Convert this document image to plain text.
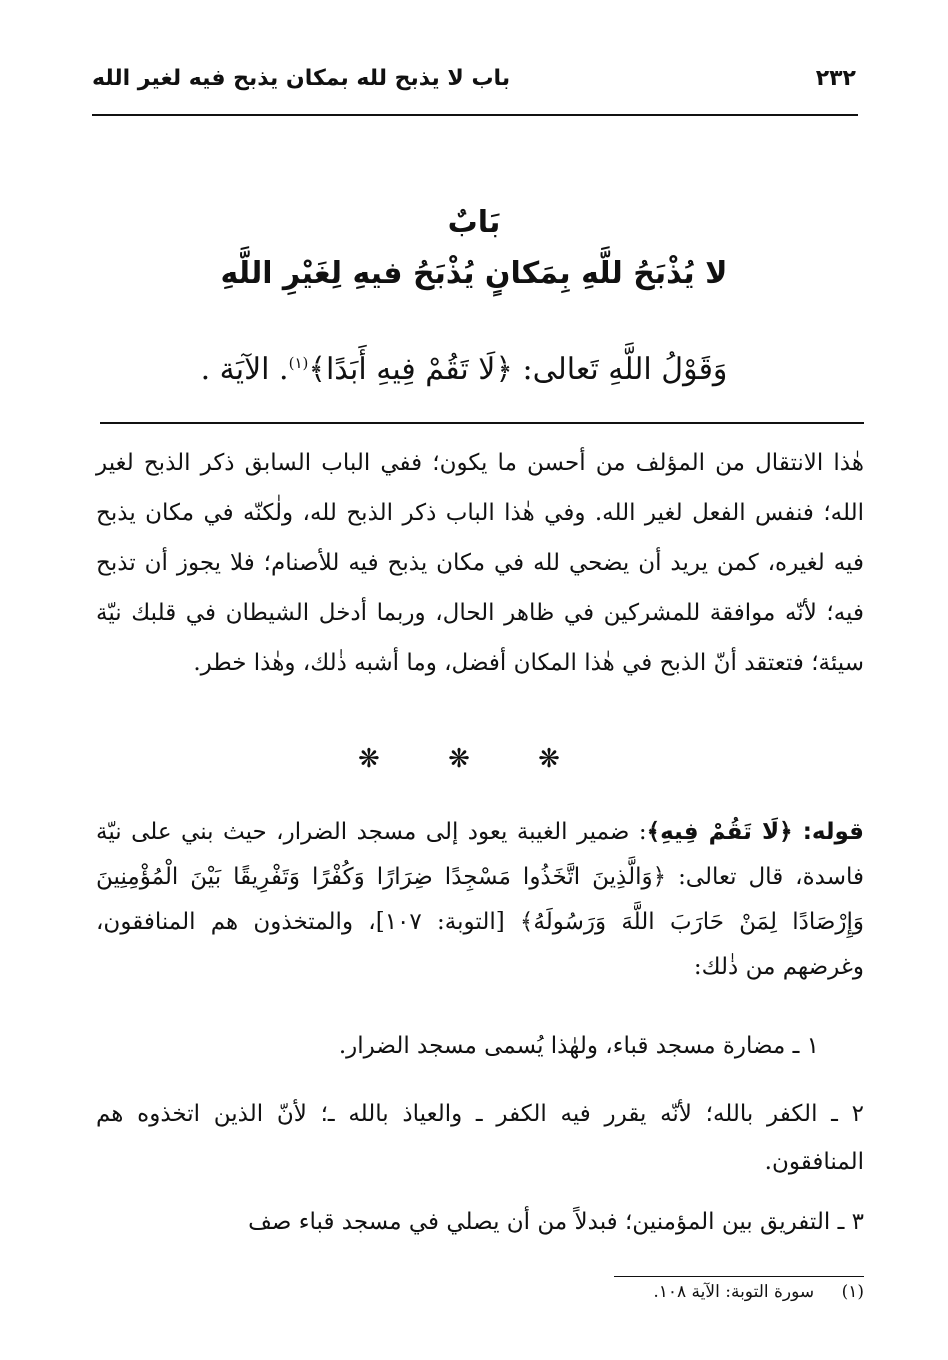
٢٣٢
باب لا يذبح لله بمكان يذبح فيه لغير الله
بَابٌ
لا يُذْبَحُ للَّهِ بِمَكانٍ يُذْبَحُ فيهِ لِغَيْرِ اللَّهِ
وَقَوْلُ اللَّهِ تَعالى: ﴿لَا تَقُمْ فِيهِ أَبَدًا﴾$^{(١)}$. الآيَة .

هٰذا الانتقال من المؤلف من أحسن ما يكون؛ ففي الباب السابق ذكر الذبح لغير الله؛ فنفس الفعل لغير الله. وفي هٰذا الباب ذكر الذبح لله، ولٰكنّه في مكان يذبح فيه لغيره، كمن يريد أن يضحي لله في مكان يذبح فيه للأصنام؛ فلا يجوز أن تذبح فيه؛ لأنّه موافقة للمشركين في ظاهر الحال، وربما أدخل الشيطان في قلبك نيّة سيئة؛ فتعتقد أنّ الذبح في هٰذا المكان أفضل، وما أشبه ذٰلك، وهٰذا خطر.

❋ ❋ ❋

قوله: ﴿لَا تَقُمْ فِيهِ﴾: ضمير الغيبة يعود إلى مسجد الضرار، حيث بني على نيّة فاسدة، قال تعالى: ﴿وَالَّذِينَ اتَّخَذُوا مَسْجِدًا ضِرَارًا وَكُفْرًا وَتَفْرِيقًا بَيْنَ الْمُؤْمِنِينَ وَإِرْصَادًا لِمَنْ حَارَبَ اللَّهَ وَرَسُولَهُ﴾ [التوبة: ١٠٧]، والمتخذون هم المنافقون، وغرضهم من ذٰلك:

١ ـ مضارة مسجد قباء، ولهٰذا يُسمى مسجد الضرار.
٢ ـ الكفر بالله؛ لأنّه يقرر فيه الكفر ـ والعياذ بالله ـ؛ لأنّ الذين اتخذوه هم المنافقون.
٣ ـ التفريق بين المؤمنين؛ فبدلاً من أن يصلي في مسجد قباء صف
(١) سورة التوبة: الآية ١٠٨.
